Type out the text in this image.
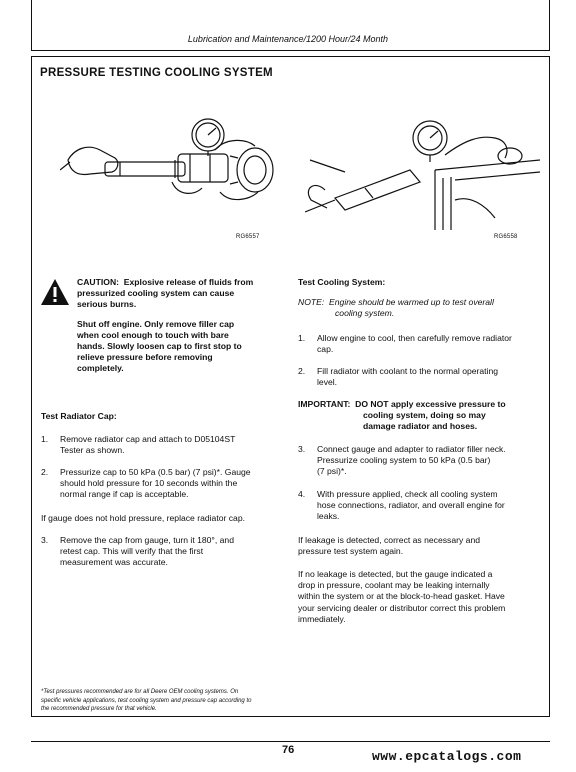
Lubrication and Maintenance/1200 Hour/24 Month
PRESSURE TESTING COOLING SYSTEM
RG6557	RG6558
CAUTION: Explosive release of fluids from
pressurized cooling system can cause
serious burns.
Shut off engine. Only remove filler cap
when cool enough to touch with bare
hands. Slowly loosen cap to first stop to
relieve pressure before removing
completely.
Test Radiator Cap:
1. Remove radiator cap and attach to D05104ST
Tester as shown.
2. Pressurize cap to 50 kPa (0.5 bar) (7 psi)*. Gauge
should hold pressure for 10 seconds within the
normal range if cap is acceptable.
If gauge does not hold pressure, replace radiator cap.
3. Remove the cap from gauge, turn it 180°, and
retest cap. This will verify that the first
measurement was accurate.
Test Cooling System:
NOTE: Engine should be warmed up to test overall
cooling system.
1. Allow engine to cool, then carefully remove radiator
cap.
2. Fill radiator with coolant to the normal operating
level.
IMPORTANT: DO NOT apply excessive pressure to
cooling system, doing so may
damage radiator and hoses.
3. Connect gauge and adapter to radiator filler neck.
Pressurize cooling system to 50 kPa (0.5 bar)
(7 psi)*.
4. With pressure applied, check all cooling system
hose connections, radiator, and overall engine for
leaks.
If leakage is detected, correct as necessary and
pressure test system again.
If no leakage is detected, but the gauge indicated a
drop in pressure, coolant may be leaking internally
within the system or at the block-to-head gasket. Have
your servicing dealer or distributor correct this problem
immediately.
*Test pressures recommended are for all Deere OEM cooling systems. On
specific vehicle applications, test cooling system and pressure cap according to
the recommended pressure for that vehicle.
76	www.epcatalogs.com
